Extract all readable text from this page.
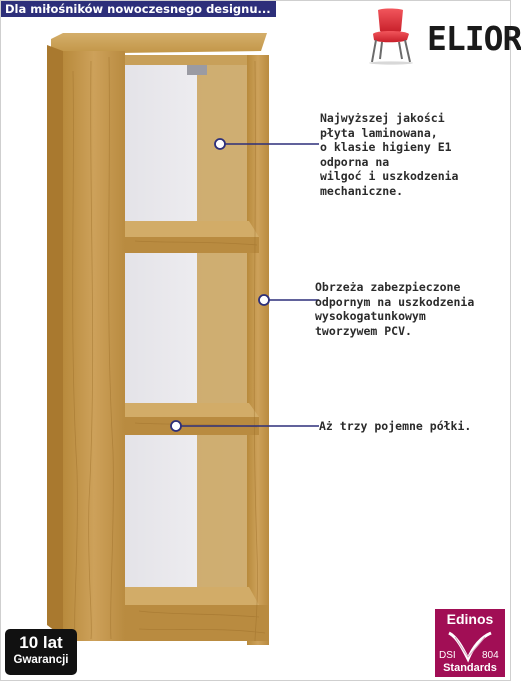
Dla miłośników nowoczesnego designu...
ELIOR
Najwyższej jakości
płyta laminowana,
o klasie higieny E1
odporna na
wilgoć i uszkodzenia
mechaniczne.
Obrzeża zabezpieczone
odpornym na uszkodzenia
wysokogatunkowym
tworzywem PCV.
Aż trzy pojemne półki.
10 lat
Gwarancji
Edinos
DSI	804
Standards
